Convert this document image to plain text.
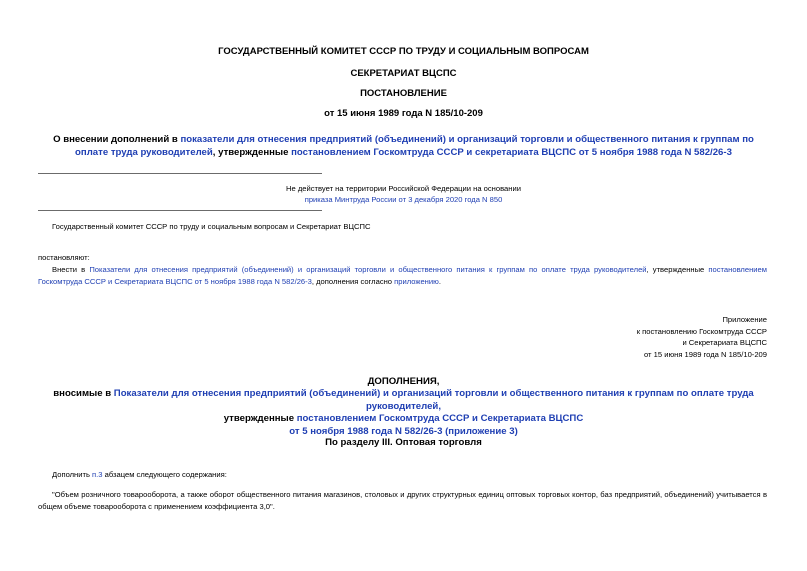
ГОСУДАРСТВЕННЫЙ КОМИТЕТ СССР ПО ТРУДУ И СОЦИАЛЬНЫМ ВОПРОСАМ
СЕКРЕТАРИАТ ВЦСПС
ПОСТАНОВЛЕНИЕ
от 15 июня 1989 года N 185/10-209
О внесении дополнений в показатели для отнесения предприятий (объединений) и организаций торговли и общественного питания к группам по оплате труда руководителей, утвержденные постановлением Госкомтруда СССР и секретариата ВЦСПС от 5 ноября 1988 года N 582/26-3
Не действует на территории Российской Федерации на основании
приказа Минтруда России от 3 декабря 2020 года N 850
Государственный комитет СССР по труду и социальным вопросам и Секретариат ВЦСПС
постановляют:
Внести в Показатели для отнесения предприятий (объединений) и организаций торговли и общественного питания к группам по оплате труда руководителей, утвержденные постановлением Госкомтруда СССР и Секретариата ВЦСПС от 5 ноября 1988 года N 582/26-3, дополнения согласно приложению.
Приложение
к постановлению Госкомтруда СССР
и Секретариата ВЦСПС
от 15 июня 1989 года N 185/10-209
ДОПОЛНЕНИЯ,
вносимые в Показатели для отнесения предприятий (объединений) и организаций торговли и общественного питания к группам по оплате труда руководителей,
утвержденные постановлением Госкомтруда СССР и Секретариата ВЦСПС
от 5 ноября 1988 года N 582/26-3 (приложение 3)
По разделу III. Оптовая торговля
Дополнить п.3 абзацем следующего содержания:
"Объем розничного товарооборота, а также оборот общественного питания магазинов, столовых и других структурных единиц оптовых торговых контор, баз предприятий, объединений) учитывается в общем объеме товарооборота с применением коэффициента 3,0".
